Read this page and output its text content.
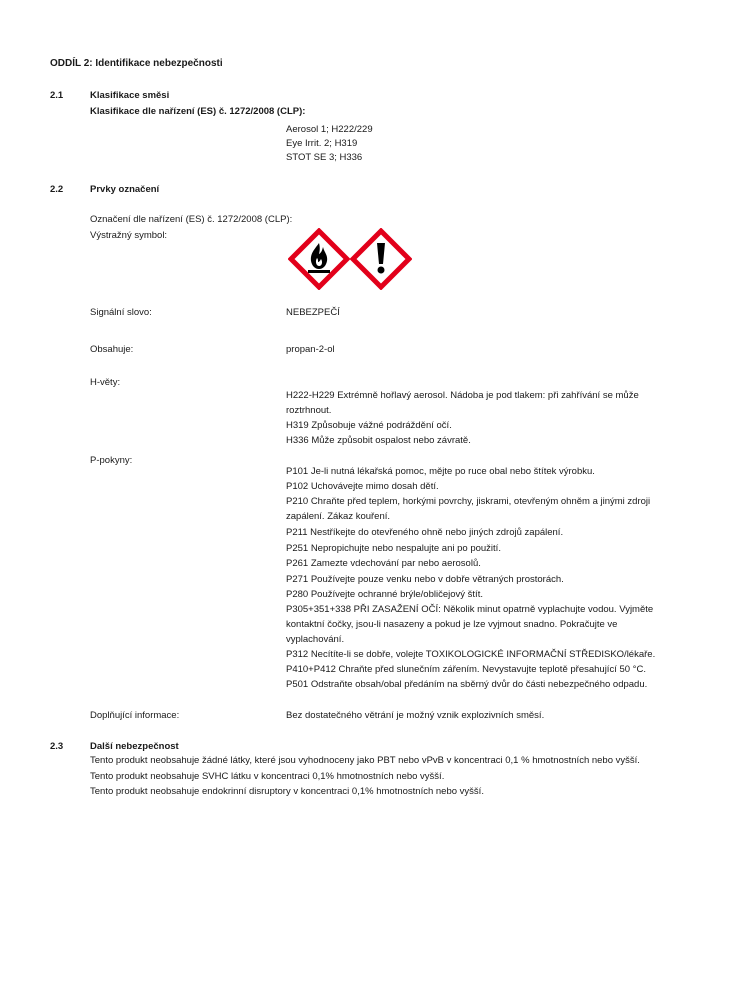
ODDÍL 2: Identifikace nebezpečnosti
2.1	Klasifikace směsi
Klasifikace dle nařízení (ES) č. 1272/2008 (CLP):
Aerosol 1; H222/229
Eye Irrit. 2; H319
STOT SE 3; H336
2.2	Prvky označení
Označení dle nařízení (ES) č. 1272/2008 (CLP):
Výstražný symbol:
Signální slovo:	NEBEZPEČÍ
Obsahuje:	propan-2-ol
H-věty:
H222-H229 Extrémně hořlavý aerosol. Nádoba je pod tlakem: při zahřívání se může
roztrhnout.
H319 Způsobuje vážné podráždění očí.
H336 Může způsobit ospalost nebo závratě.
P-pokyny:
P101 Je-li nutná lékařská pomoc, mějte po ruce obal nebo štítek výrobku.
P102 Uchovávejte mimo dosah dětí.
P210 Chraňte před teplem, horkými povrchy, jiskrami, otevřeným ohněm a jinými zdroji
zapálení. Zákaz kouření.
P211 Nestříkejte do otevřeného ohně nebo jiných zdrojů zapálení.
P251 Nepropichujte nebo nespalujte ani po použití.
P261 Zamezte vdechování par nebo aerosolů.
P271 Používejte pouze venku nebo v dobře větraných prostorách.
P280 Používejte ochranné brýle/obličejový štít.
P305+351+338 PŘI ZASAŽENÍ OČÍ: Několik minut opatrně vyplachujte vodou. Vyjměte
kontaktní čočky, jsou-li nasazeny a pokud je lze vyjmout snadno. Pokračujte ve
vyplachování.
P312 Necítíte-li se dobře, volejte TOXIKOLOGICKÉ INFORMAČNÍ STŘEDISKO/lékaře.
P410+P412 Chraňte před slunečním zářením. Nevystavujte teplotě přesahující 50 °C.
P501 Odstraňte obsah/obal předáním na sběrný dvůr do části nebezpečného odpadu.
Doplňující informace:	Bez dostatečného větrání je možný vznik explozivních směsí.
2.3	Další nebezpečnost
Tento produkt neobsahuje žádné látky, které jsou vyhodnoceny jako PBT nebo vPvB v koncentraci 0,1 % hmotnostních nebo vyšší.
Tento produkt neobsahuje SVHC látku v koncentraci 0,1% hmotnostních nebo vyšší.
Tento produkt neobsahuje endokrinní disruptory v koncentraci 0,1% hmotnostních nebo vyšší.
